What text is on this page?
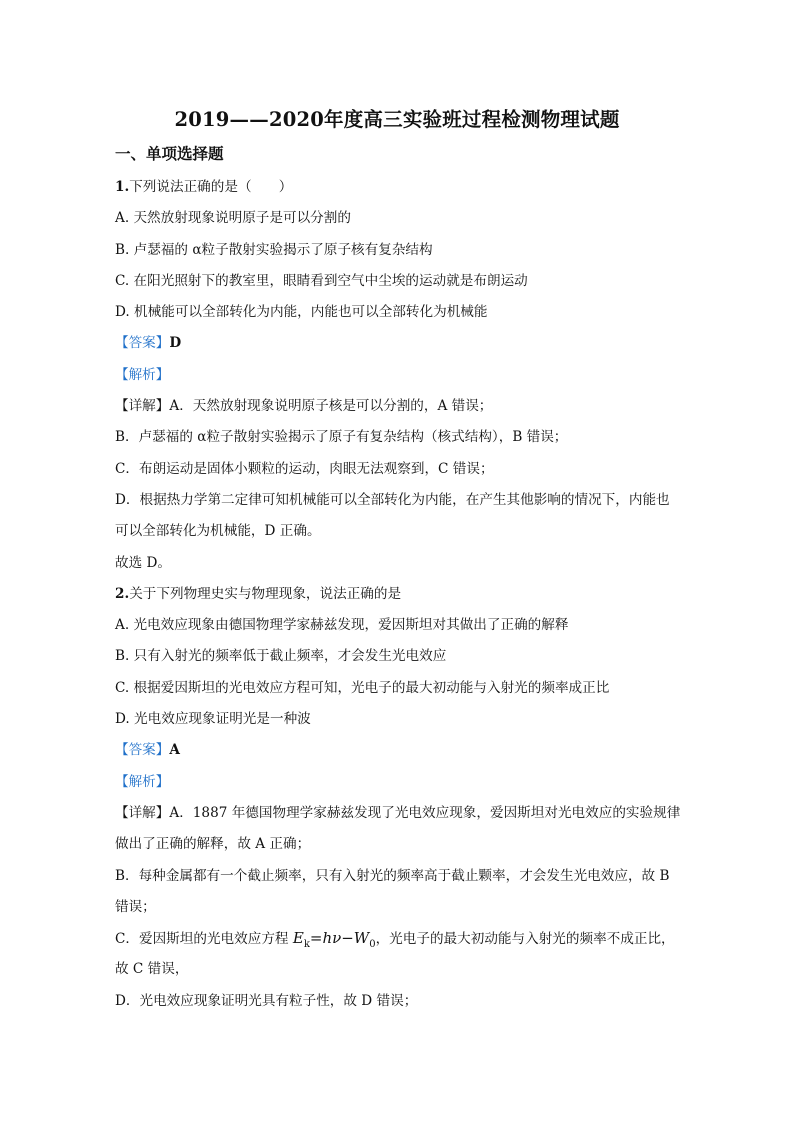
2019——2020年度高三实验班过程检测物理试题
一、单项选择题
1.下列说法正确的是（　　）
A. 天然放射现象说明原子是可以分割的
B. 卢瑟福的 α粒子散射实验揭示了原子核有复杂结构
C. 在阳光照射下的教室里，眼睛看到空气中尘埃的运动就是布朗运动
D. 机械能可以全部转化为内能，内能也可以全部转化为机械能
【答案】D
【解析】
【详解】A．天然放射现象说明原子核是可以分割的，A 错误；
B．卢瑟福的 α粒子散射实验揭示了原子有复杂结构（核式结构），B 错误；
C．布朗运动是固体小颗粒的运动，肉眼无法观察到，C 错误；
D．根据热力学第二定律可知机械能可以全部转化为内能，在产生其他影响的情况下，内能也
可以全部转化为机械能，D 正确。
故选 D。
2.关于下列物理史实与物理现象，说法正确的是
A. 光电效应现象由德国物理学家赫兹发现，爱因斯坦对其做出了正确的解释
B. 只有入射光的频率低于截止频率，才会发生光电效应
C. 根据爱因斯坦的光电效应方程可知，光电子的最大初动能与入射光的频率成正比
D. 光电效应现象证明光是一种波
【答案】A
【解析】
【详解】A．1887 年德国物理学家赫兹发现了光电效应现象，爱因斯坦对光电效应的实验规律
做出了正确的解释，故 A 正确；
B．每种金属都有一个截止频率，只有入射光的频率高于截止颗率，才会发生光电效应，故 B
错误；
C．爱因斯坦的光电效应方程 $E_k=h\nu-W_0$，光电子的最大初动能与入射光的频率不成正比，
故 C 错误，
D．光电效应现象证明光具有粒子性，故 D 错误；
